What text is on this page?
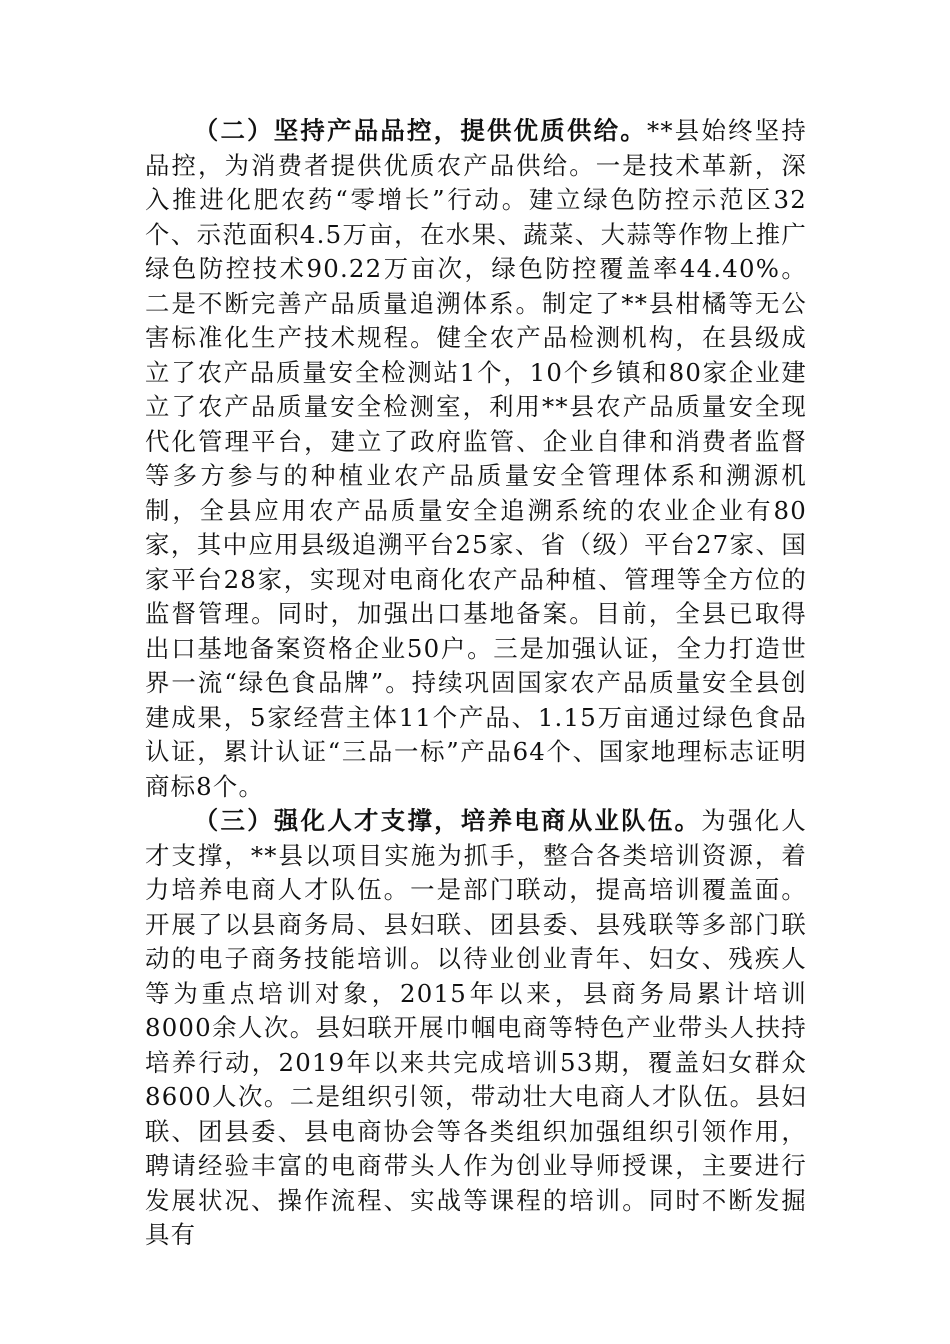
（二）坚持产品品控，提供优质供给。**县始终坚持品控，为消费者提供优质农产品供给。一是技术革新，深入推进化肥农药“零增长”行动。建立绿色防控示范区32个、示范面积4.5万亩，在水果、蔬菜、大蒜等作物上推广绿色防控技术90.22万亩次，绿色防控覆盖率44.40%。二是不断完善产品质量追溯体系。制定了**县柑橘等无公害标准化生产技术规程。健全农产品检测机构，在县级成立了农产品质量安全检测站1个，10个乡镇和80家企业建立了农产品质量安全检测室，利用**县农产品质量安全现代化管理平台，建立了政府监管、企业自律和消费者监督等多方参与的种植业农产品质量安全管理体系和溯源机制，全县应用农产品质量安全追溯系统的农业企业有80家，其中应用县级追溯平台25家、省（级）平台27家、国家平台28家，实现对电商化农产品种植、管理等全方位的监督管理。同时，加强出口基地备案。目前，全县已取得出口基地备案资格企业50户。三是加强认证，全力打造世界一流“绿色食品牌”。持续巩固国家农产品质量安全县创建成果，5家经营主体11个产品、1.15万亩通过绿色食品认证，累计认证“三品一标”产品64个、国家地理标志证明商标8个。

（三）强化人才支撑，培养电商从业队伍。为强化人才支撑，**县以项目实施为抓手，整合各类培训资源，着力培养电商人才队伍。一是部门联动，提高培训覆盖面。开展了以县商务局、县妇联、团县委、县残联等多部门联动的电子商务技能培训。以待业创业青年、妇女、残疾人等为重点培训对象，2015年以来，县商务局累计培训8000余人次。县妇联开展巾帼电商等特色产业带头人扶持培养行动，2019年以来共完成培训53期，覆盖妇女群众8600人次。二是组织引领，带动壮大电商人才队伍。县妇联、团县委、县电商协会等各类组织加强组织引领作用，聘请经验丰富的电商带头人作为创业导师授课，主要进行发展状况、操作流程、实战等课程的培训。同时不断发掘具有
